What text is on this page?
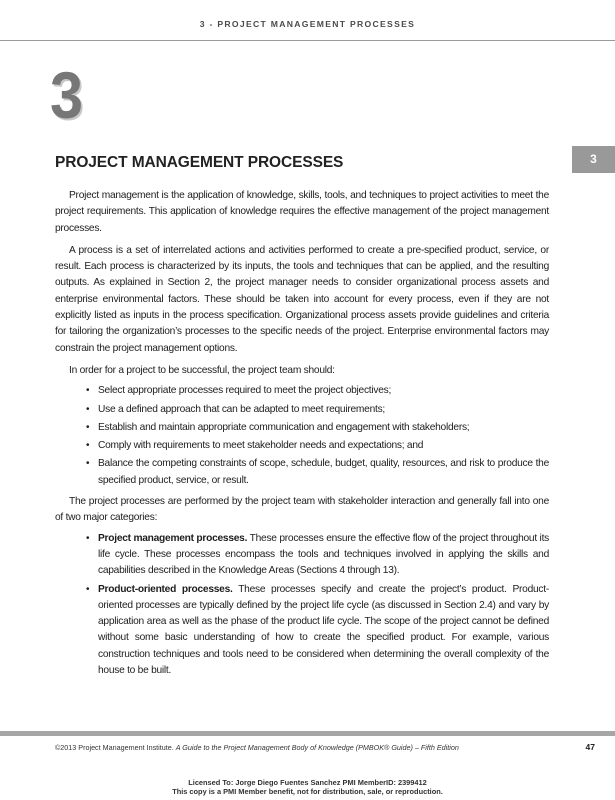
3 - PROJECT MANAGEMENT PROCESSES
3
3
PROJECT MANAGEMENT PROCESSES

Project management is the application of knowledge, skills, tools, and techniques to project activities to meet the project requirements. This application of knowledge requires the effective management of the project management processes.

A process is a set of interrelated actions and activities performed to create a pre-specified product, service, or result. Each process is characterized by its inputs, the tools and techniques that can be applied, and the resulting outputs. As explained in Section 2, the project manager needs to consider organizational process assets and enterprise environmental factors. These should be taken into account for every process, even if they are not explicitly listed as inputs in the process specification. Organizational process assets provide guidelines and criteria for tailoring the organization’s processes to the specific needs of the project. Enterprise environmental factors may constrain the project management options.

In order for a project to be successful, the project team should:

• Select appropriate processes required to meet the project objectives;
• Use a defined approach that can be adapted to meet requirements;
• Establish and maintain appropriate communication and engagement with stakeholders;
• Comply with requirements to meet stakeholder needs and expectations; and
• Balance the competing constraints of scope, schedule, budget, quality, resources, and risk to produce the specified product, service, or result.

The project processes are performed by the project team with stakeholder interaction and generally fall into one of two major categories:

• Project management processes. These processes ensure the effective flow of the project throughout its life cycle. These processes encompass the tools and techniques involved in applying the skills and capabilities described in the Knowledge Areas (Sections 4 through 13).
• Product-oriented processes. These processes specify and create the project’s product. Product-oriented processes are typically defined by the project life cycle (as discussed in Section 2.4) and vary by application area as well as the phase of the product life cycle. The scope of the project cannot be defined without some basic understanding of how to create the specified product. For example, various construction techniques and tools need to be considered when determining the overall complexity of the house to be built.
©2013 Project Management Institute. A Guide to the Project Management Body of Knowledge (PMBOK® Guide) – Fifth Edition	47
Licensed To: Jorge Diego Fuentes Sanchez PMI MemberID: 2399412
This copy is a PMI Member benefit, not for distribution, sale, or reproduction.
